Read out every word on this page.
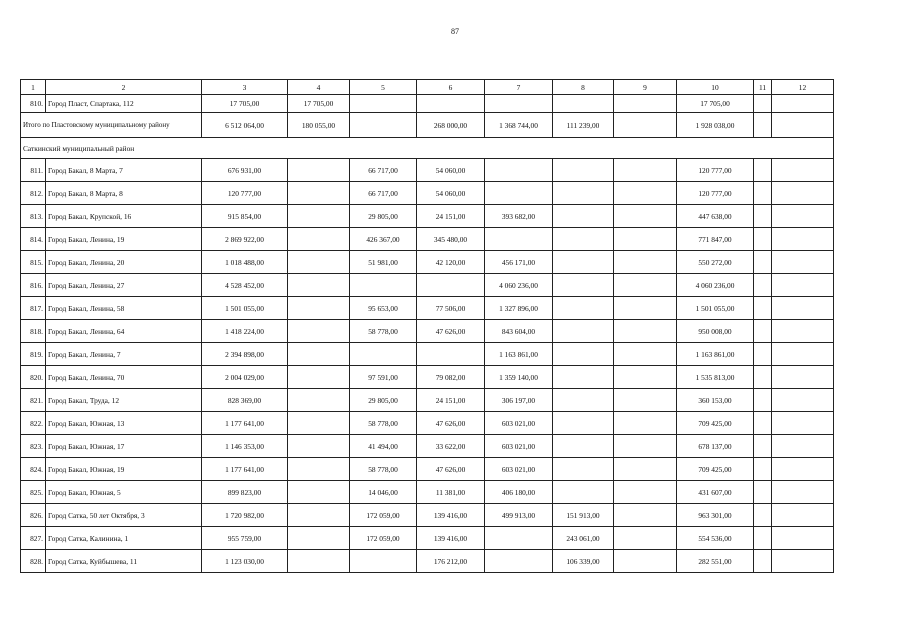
87
1	2	3	4	5	6	7	8	9	10	11	12
810.	Город Пласт, Спартака, 112	17 705,00	17 705,00						17 705,00		
Итого по Пластовскому муниципальному району		6 512 064,00	180 055,00		268 000,00	1 368 744,00	111 239,00		1 928 038,00		
Саткинский муниципальный район											
811.	Город Бакал, 8 Марта, 7	676 931,00		66 717,00	54 060,00				120 777,00		
812.	Город Бакал, 8 Марта, 8	120 777,00		66 717,00	54 060,00				120 777,00		
813.	Город Бакал, Крупской, 16	915 854,00		29 805,00	24 151,00	393 682,00			447 638,00		
814.	Город Бакал, Ленина, 19	2 869 922,00		426 367,00	345 480,00				771 847,00		
815.	Город Бакал, Ленина, 20	1 018 488,00		51 981,00	42 120,00	456 171,00			550 272,00		
816.	Город Бакал, Ленина, 27	4 528 452,00				4 060 236,00			4 060 236,00		
817.	Город Бакал, Ленина, 58	1 501 055,00		95 653,00	77 506,00	1 327 896,00			1 501 055,00		
818.	Город Бакал, Ленина, 64	1 418 224,00		58 778,00	47 626,00	843 604,00			950 008,00		
819.	Город Бакал, Ленина, 7	2 394 898,00				1 163 861,00			1 163 861,00		
820.	Город Бакал, Ленина, 70	2 004 029,00		97 591,00	79 082,00	1 359 140,00			1 535 813,00		
821.	Город Бакал, Труда, 12	828 369,00		29 805,00	24 151,00	306 197,00			360 153,00		
822.	Город Бакал, Южная, 13	1 177 641,00		58 778,00	47 626,00	603 021,00			709 425,00		
823.	Город Бакал, Южная, 17	1 146 353,00		41 494,00	33 622,00	603 021,00			678 137,00		
824.	Город Бакал, Южная, 19	1 177 641,00		58 778,00	47 626,00	603 021,00			709 425,00		
825.	Город Бакал, Южная, 5	899 823,00		14 046,00	11 381,00	406 180,00			431 607,00		
826.	Город Сатка, 50 лет Октября, 3	1 720 982,00		172 059,00	139 416,00	499 913,00	151 913,00		963 301,00		
827.	Город Сатка, Калинина, 1	955 759,00		172 059,00	139 416,00		243 061,00		554 536,00		
828.	Город Сатка, Куйбышева, 11	1 123 030,00			176 212,00		106 339,00		282 551,00		
